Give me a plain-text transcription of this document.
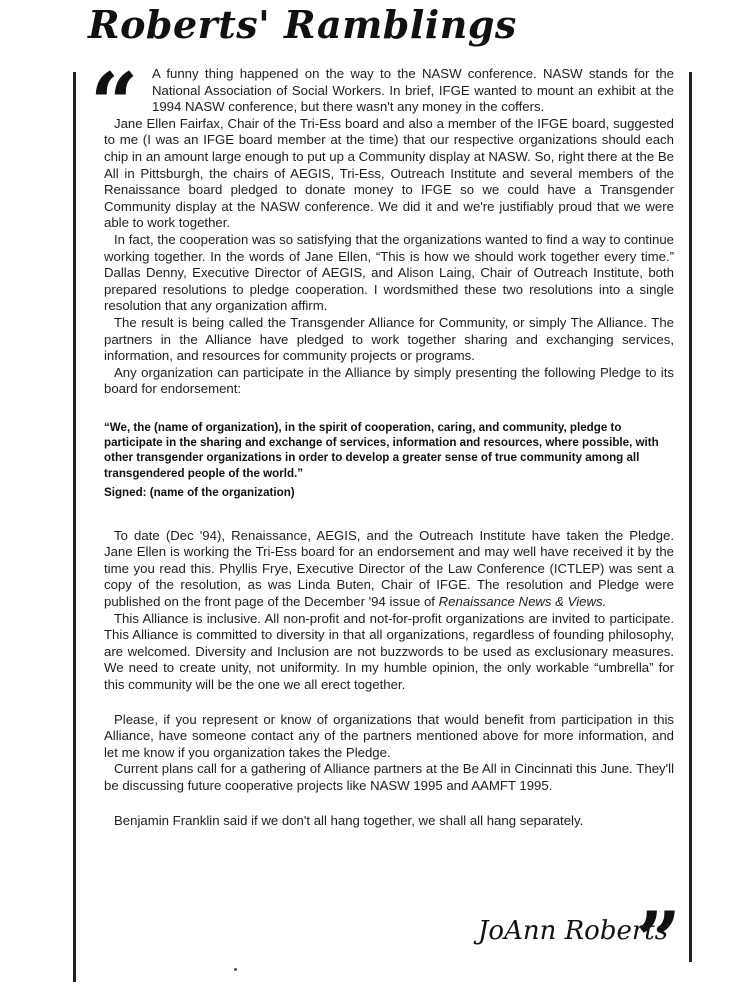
Roberts' Ramblings
“ A funny thing happened on the way to the NASW conference. NASW stands for the National Association of Social Workers. In brief, IFGE wanted to mount an exhibit at the 1994 NASW conference, but there wasn't any money in the coffers.

Jane Ellen Fairfax, Chair of the Tri-Ess board and also a member of the IFGE board, suggested to me (I was an IFGE board member at the time) that our respective organizations should each chip in an amount large enough to put up a Community display at NASW. So, right there at the Be All in Pittsburgh, the chairs of AEGIS, Tri-Ess, Outreach Institute and several members of the Renaissance board pledged to donate money to IFGE so we could have a Transgender Community display at the NASW conference. We did it and we're justifiably proud that we were able to work together.

In fact, the cooperation was so satisfying that the organizations wanted to find a way to continue working together. In the words of Jane Ellen, “This is how we should work together every time.” Dallas Denny, Executive Director of AEGIS, and Alison Laing, Chair of Outreach Institute, both prepared resolutions to pledge cooperation. I wordsmithed these two resolutions into a single resolution that any organization affirm.

The result is being called the Transgender Alliance for Community, or simply The Alliance. The partners in the Alliance have pledged to work together sharing and exchanging services, information, and resources for community projects or programs.

Any organization can participate in the Alliance by simply presenting the following Pledge to its board for endorsement:

“We, the (name of organization), in the spirit of cooperation, caring, and community, pledge to participate in the sharing and exchange of services, information and resources, where possible, with other transgender organizations in order to develop a greater sense of true community among all transgendered people of the world.”
Signed: (name of the organization)

To date (Dec '94), Renaissance, AEGIS, and the Outreach Institute have taken the Pledge. Jane Ellen is working the Tri-Ess board for an endorsement and may well have received it by the time you read this. Phyllis Frye, Executive Director of the Law Conference (ICTLEP) was sent a copy of the resolution, as was Linda Buten, Chair of IFGE. The resolution and Pledge were published on the front page of the December '94 issue of Renaissance News & Views.

This Alliance is inclusive. All non-profit and not-for-profit organizations are invited to participate. This Alliance is committed to diversity in that all organizations, regardless of founding philosophy, are welcomed. Diversity and Inclusion are not buzzwords to be used as exclusionary measures. We need to create unity, not uniformity. In my humble opinion, the only workable “umbrella” for this community will be the one we all erect together.

Please, if you represent or know of organizations that would benefit from participation in this Alliance, have someone contact any of the partners mentioned above for more information, and let me know if you organization takes the Pledge.

Current plans call for a gathering of Alliance partners at the Be All in Cincinnati this June. They'll be discussing future cooperative projects like NASW 1995 and AAMFT 1995.

Benjamin Franklin said if we don't all hang together, we shall all hang separately.

JoAnn Roberts
”
